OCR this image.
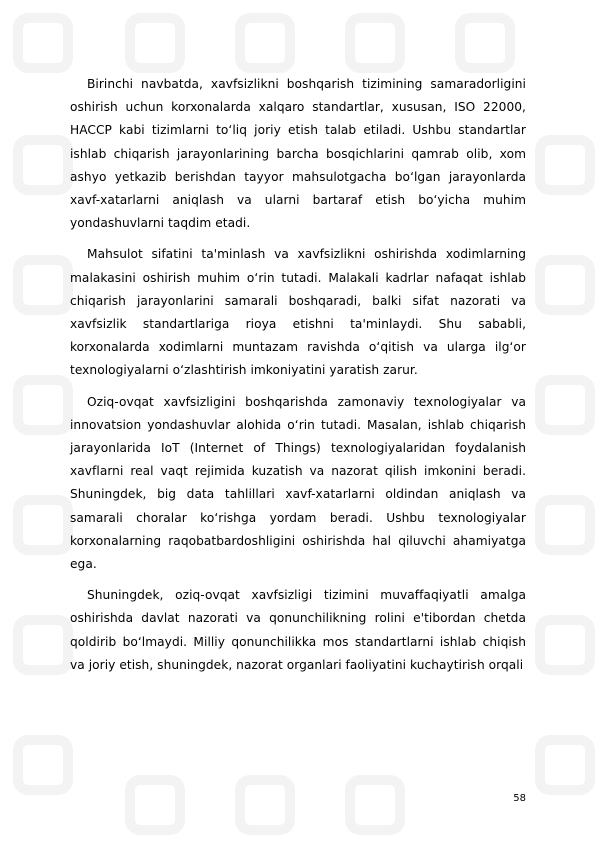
Birinchi navbatda, xavfsizlikni boshqarish tizimining samaradorligini oshirish uchun korxonalarda xalqaro standartlar, xususan, ISO 22000, HACCP kabi tizimlarni to‘liq joriy etish talab etiladi. Ushbu standartlar ishlab chiqarish jarayonlarining barcha bosqichlarini qamrab olib, xom ashyo yetkazib berishdan tayyor mahsulotgacha bo‘lgan jarayonlarda xavf-xatarlarni aniqlash va ularni bartaraf etish bo‘yicha muhim yondashuvlarni taqdim etadi.

Mahsulot sifatini ta'minlash va xavfsizlikni oshirishda xodimlarning malakasini oshirish muhim o‘rin tutadi. Malakali kadrlar nafaqat ishlab chiqarish jarayonlarini samarali boshqaradi, balki sifat nazorati va xavfsizlik standartlariga rioya etishni ta'minlaydi. Shu sababli, korxonalarda xodimlarni muntazam ravishda o‘qitish va ularga ilg‘or texnologiyalarni o‘zlashtirish imkoniyatini yaratish zarur.

Oziq-ovqat xavfsizligini boshqarishda zamonaviy texnologiyalar va innovatsion yondashuvlar alohida o‘rin tutadi. Masalan, ishlab chiqarish jarayonlarida IoT (Internet of Things) texnologiyalaridan foydalanish xavflarni real vaqt rejimida kuzatish va nazorat qilish imkonini beradi. Shuningdek, big data tahlillari xavf-xatarlarni oldindan aniqlash va samarali choralar ko‘rishga yordam beradi. Ushbu texnologiyalar korxonalarning raqobatbardoshligini oshirishda hal qiluvchi ahamiyatga ega.

Shuningdek, oziq-ovqat xavfsizligi tizimini muvaffaqiyatli amalga oshirishda davlat nazorati va qonunchilikning rolini e'tibordan chetda qoldirib bo‘lmaydi. Milliy qonunchilikka mos standartlarni ishlab chiqish va joriy etish, shuningdek, nazorat organlari faoliyatini kuchaytirish orqali

58
